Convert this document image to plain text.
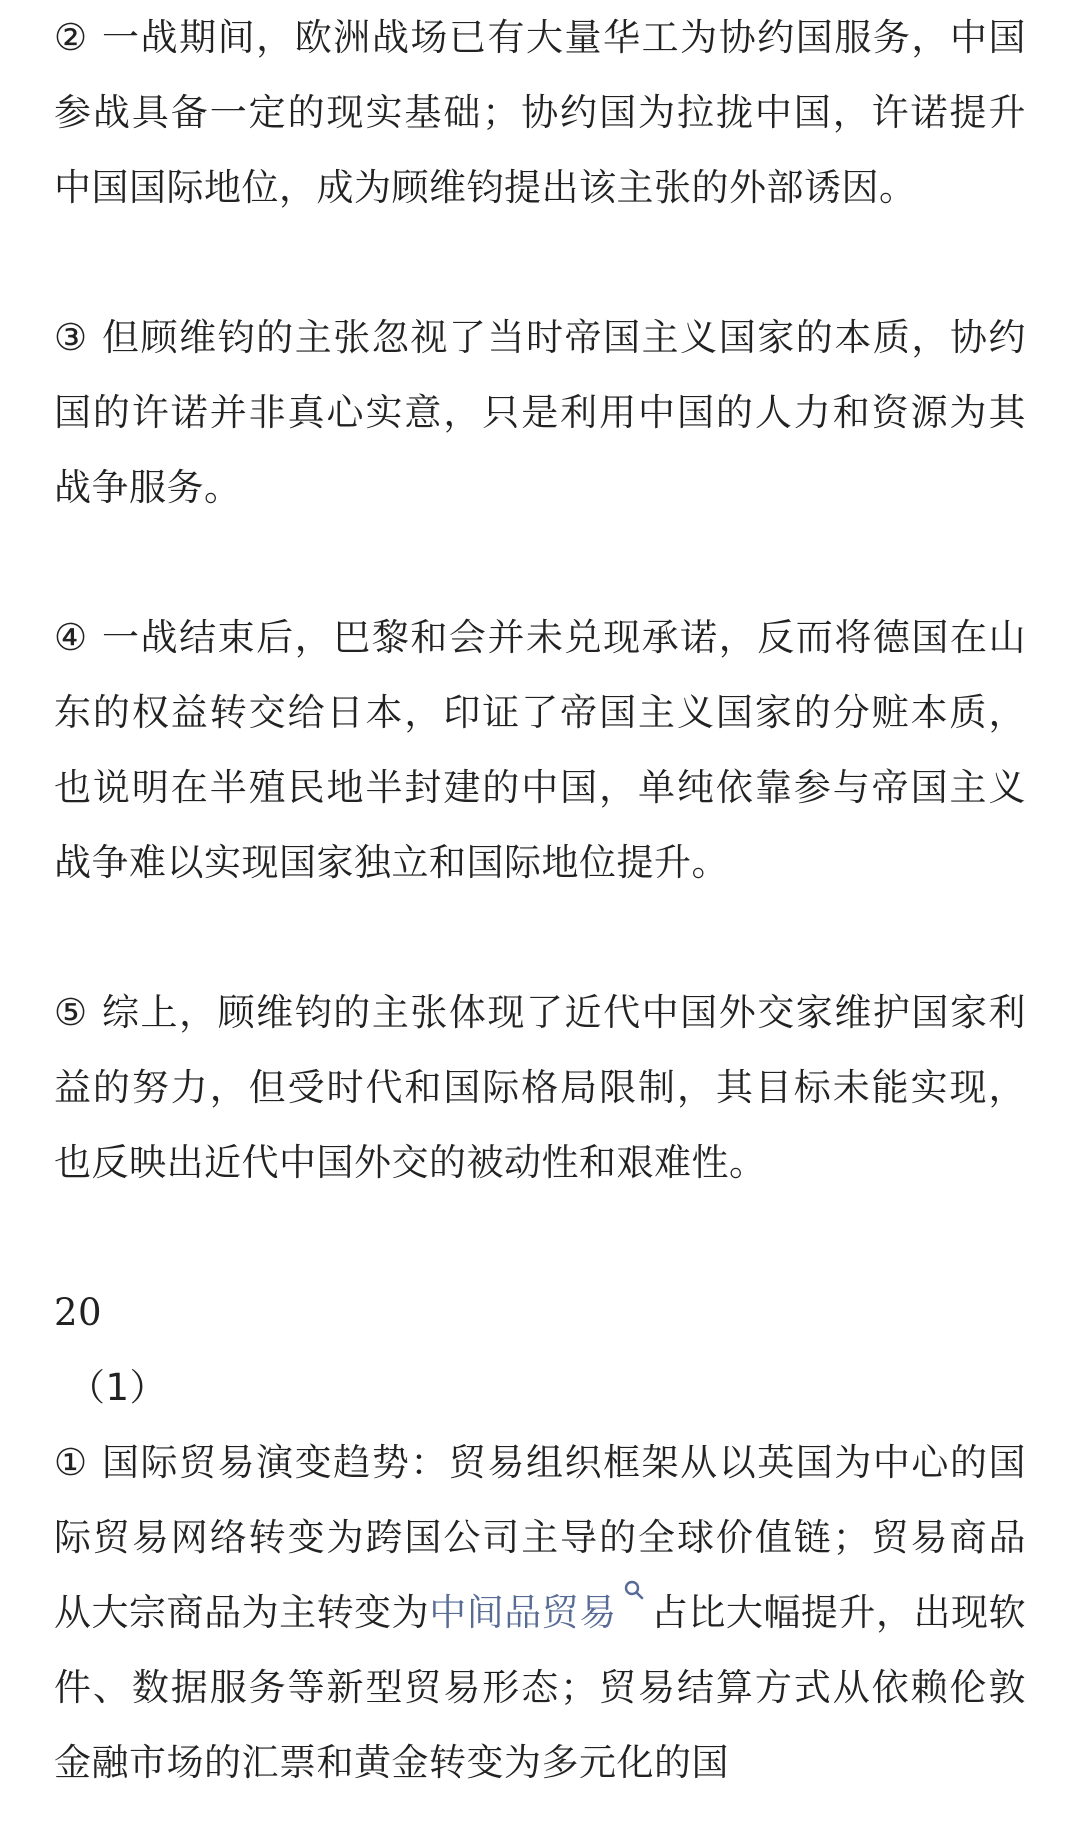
② 一战期间，欧洲战场已有大量华工为协约国服务，中国参战具备一定的现实基础；协约国为拉拢中国，许诺提升中国国际地位，成为顾维钧提出该主张的外部诱因。

③ 但顾维钧的主张忽视了当时帝国主义国家的本质，协约国的许诺并非真心实意，只是利用中国的人力和资源为其战争服务。

④ 一战结束后，巴黎和会并未兑现承诺，反而将德国在山东的权益转交给日本，印证了帝国主义国家的分赃本质，也说明在半殖民地半封建的中国，单纯依靠参与帝国主义战争难以实现国家独立和国际地位提升。

⑤ 综上，顾维钧的主张体现了近代中国外交家维护国家利益的努力，但受时代和国际格局限制，其目标未能实现，也反映出近代中国外交的被动性和艰难性。

20

（1）

① 国际贸易演变趋势：贸易组织框架从以英国为中心的国际贸易网络转变为跨国公司主导的全球价值链；贸易商品从大宗商品为主转变为中间品贸易 占比大幅提升，出现软件、数据服务等新型贸易形态；贸易结算方式从依赖伦敦金融市场的汇票和黄金转变为多元化的国
